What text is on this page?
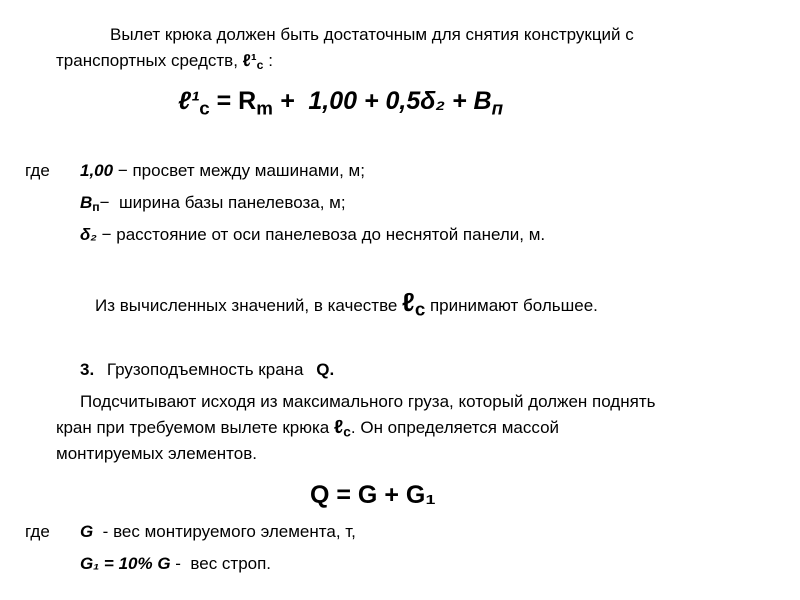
Вылет крюка должен быть достаточным для снятия конструкций с
транспортных средств, $\ell^1_с$ :
$\ell^1_с = R_m + 1,00 + 0,5\delta_2 + B_п$
где 1,00 − просвет между машинами, м;
$B_п-$  ширина базы панелевоза, м;
δ₂ − расстояние от оси панелевоза до неснятой панели, м.
Из вычисленных значений, в качестве ℓ$_с$ принимают большее.
3. Грузоподъемность крана Q.
Подсчитывают исходя из максимального груза, который должен поднять
кран при требуемом вылете крюка ℓ$_с$. Он определяется массой
монтируемых элементов.
Q = G + G₁
где G  - вес монтируемого элемента, т,
G₁ = 10% G -  вес строп.
